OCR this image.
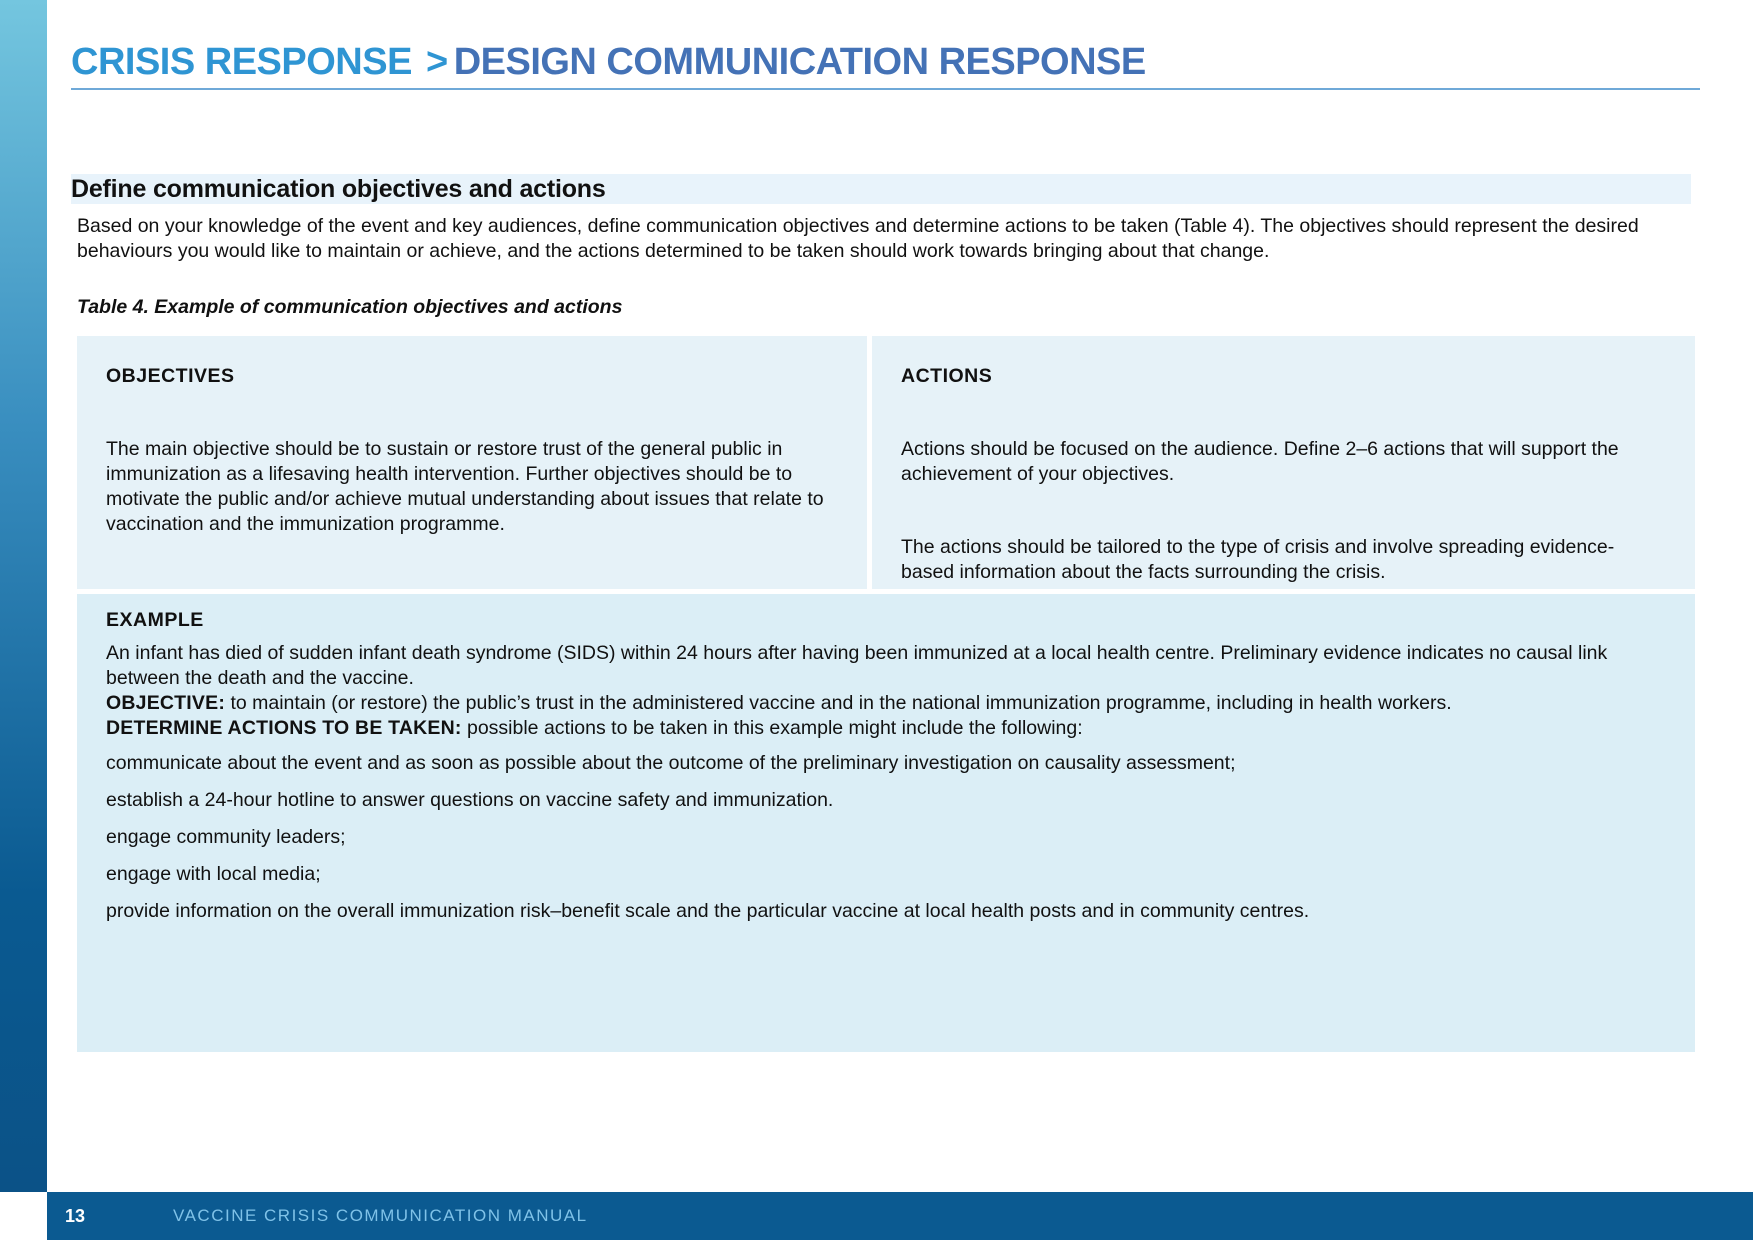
CRISIS RESPONSE > DESIGN COMMUNICATION RESPONSE
Define communication objectives and actions
Based on your knowledge of the event and key audiences, define communication objectives and determine actions to be taken (Table 4). The objectives should represent the desired behaviours you would like to maintain or achieve, and the actions determined to be taken should work towards bringing about that change.
Table 4. Example of communication objectives and actions

OBJECTIVES

The main objective should be to sustain or restore trust of the general public in immunization as a lifesaving health intervention. Further objectives should be to motivate the public and/or achieve mutual understanding about issues that relate to vaccination and the immunization programme.

ACTIONS

Actions should be focused on the audience. Define 2–6 actions that will support the achievement of your objectives.

The actions should be tailored to the type of crisis and involve spreading evidence-based information about the facts surrounding the crisis.

EXAMPLE

An infant has died of sudden infant death syndrome (SIDS) within 24 hours after having been immunized at a local health centre. Preliminary evidence indicates no causal link between the death and the vaccine.

OBJECTIVE: to maintain (or restore) the public’s trust in the administered vaccine and in the national immunization programme, including in health workers.

DETERMINE ACTIONS TO BE TAKEN: possible actions to be taken in this example might include the following:

communicate about the event and as soon as possible about the outcome of the preliminary investigation on causality assessment;
establish a 24-hour hotline to answer questions on vaccine safety and immunization.
engage community leaders;
engage with local media;
provide information on the overall immunization risk–benefit scale and the particular vaccine at local health posts and in community centres.
13	VACCINE CRISIS COMMUNICATION MANUAL
